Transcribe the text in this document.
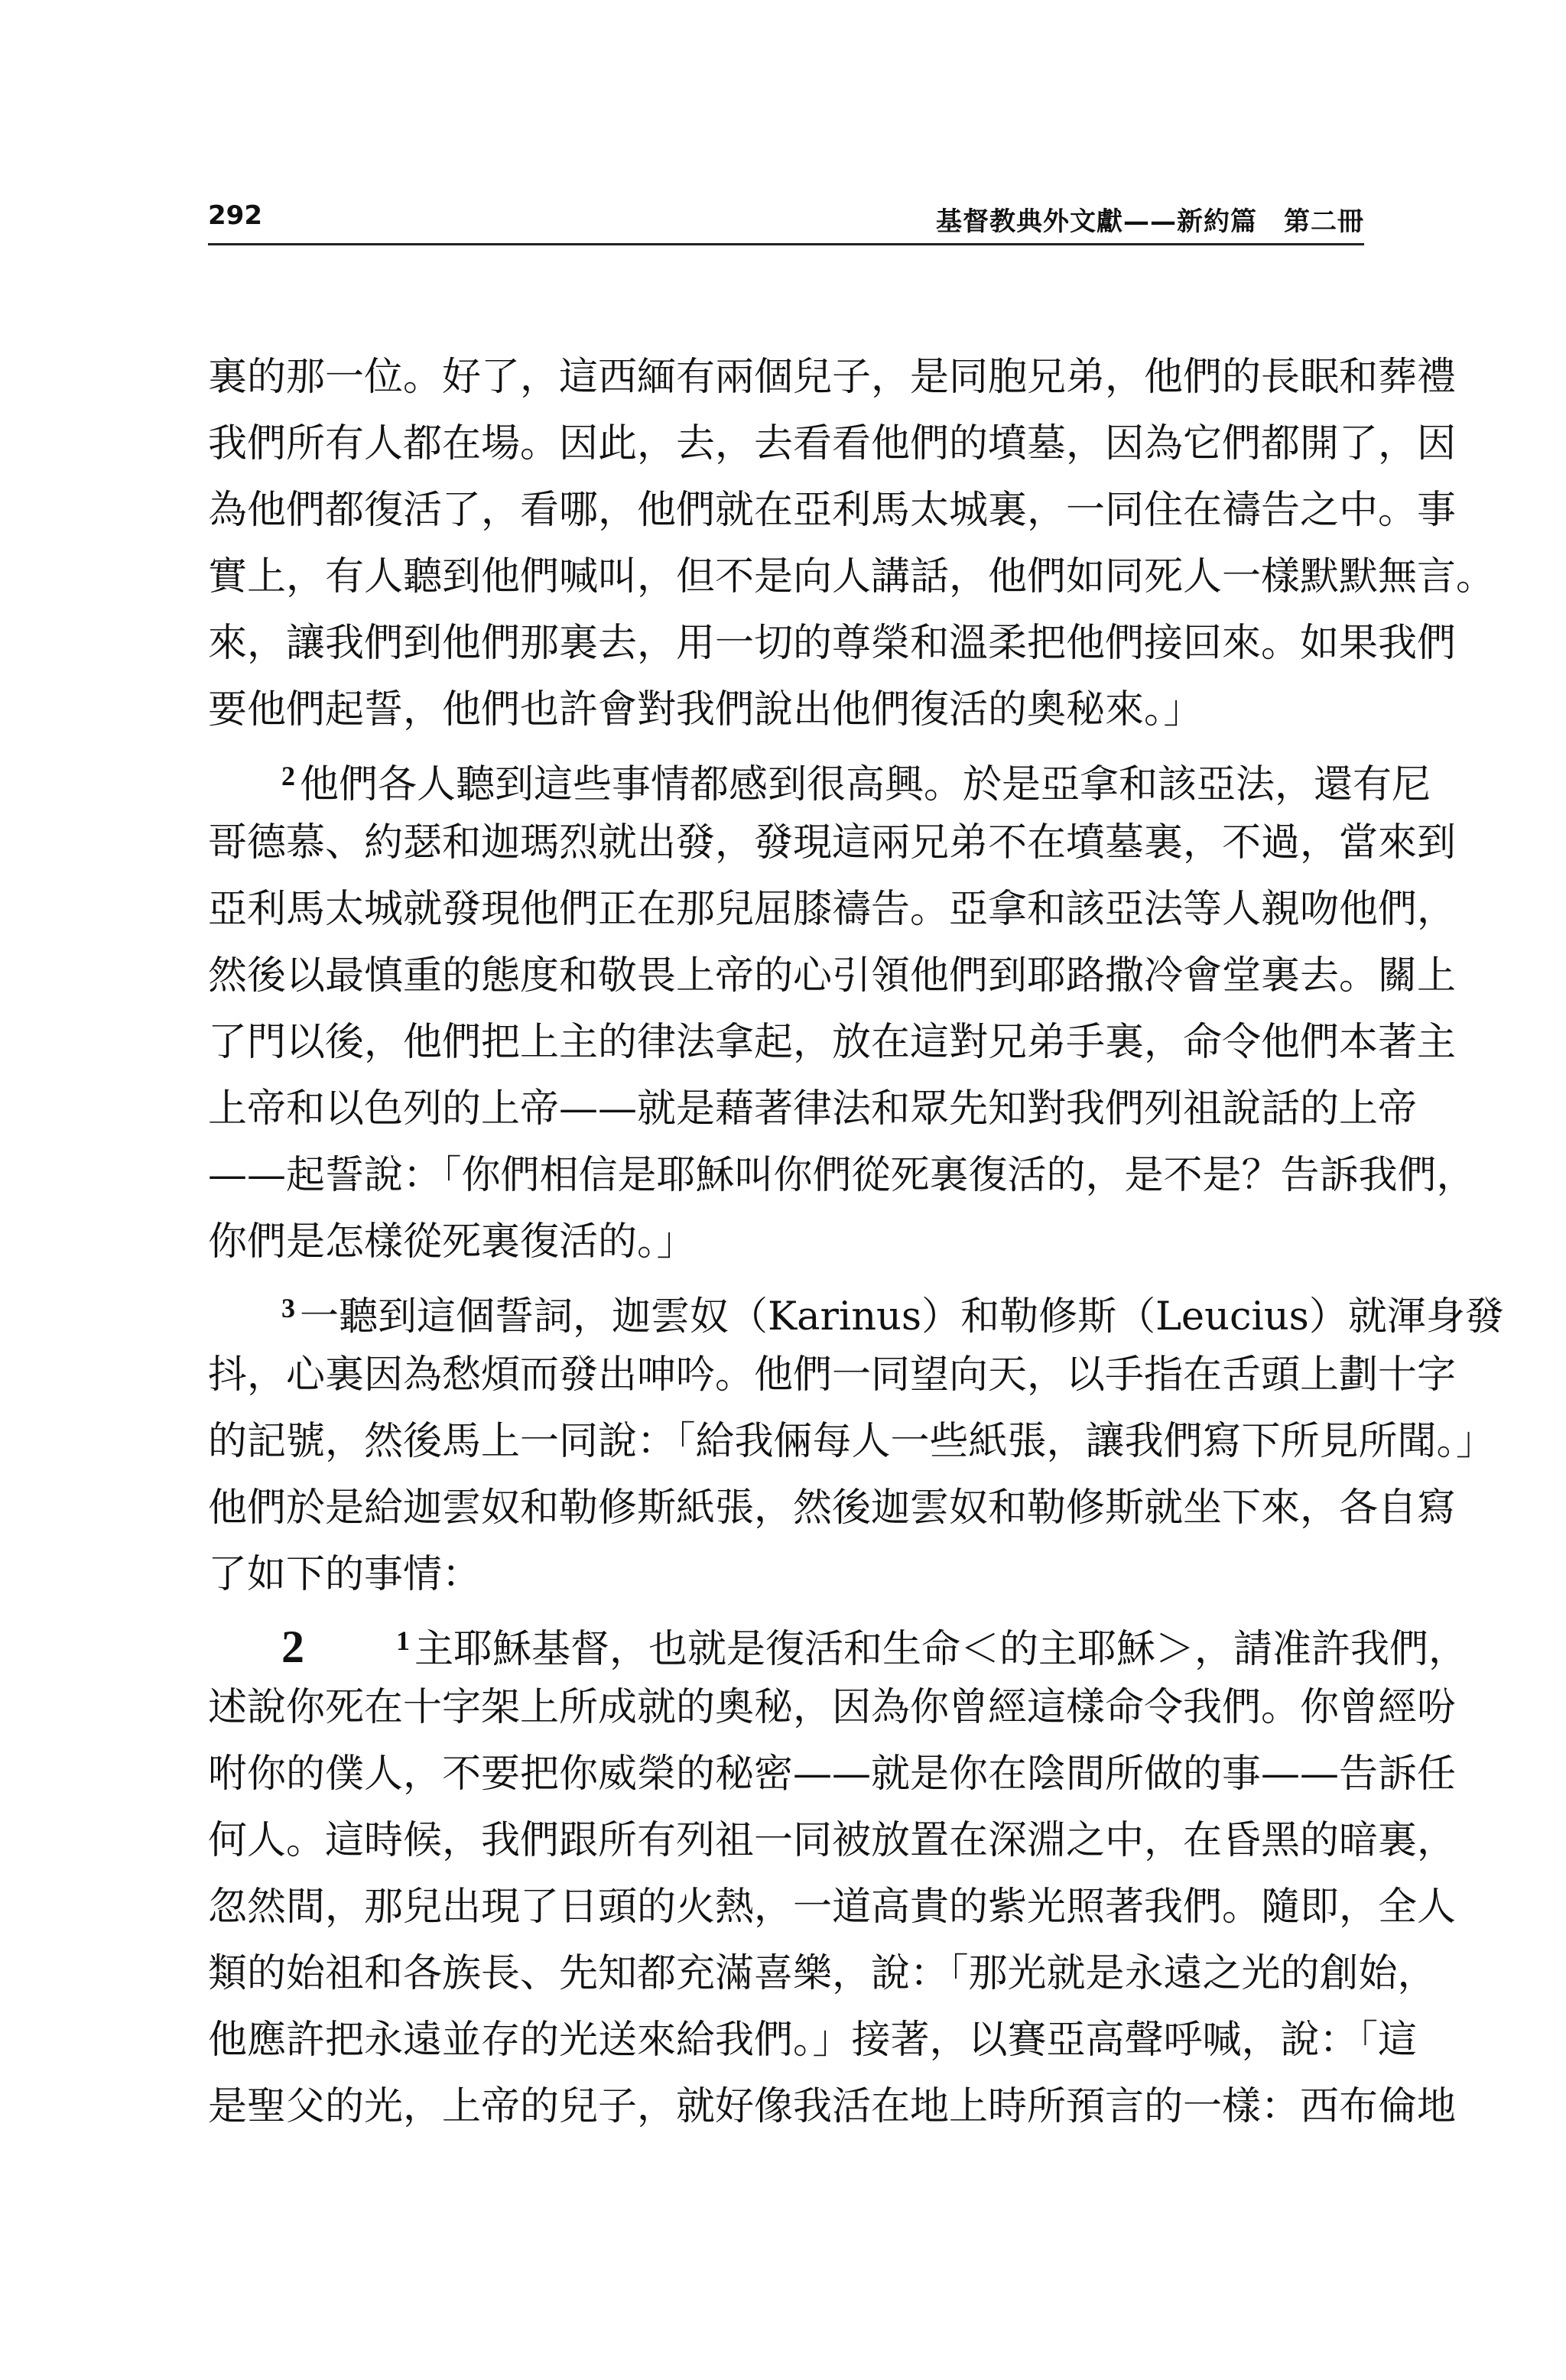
292	基督教典外文獻——新約篇　第二冊
裏的那一位。好了，這西緬有兩個兒子，是同胞兄弟，他們的長眠和葬禮
我們所有人都在場。因此，去，去看看他們的墳墓，因為它們都開了，因
為他們都復活了，看哪，他們就在亞利馬太城裏，一同住在禱告之中。事
實上，有人聽到他們喊叫，但不是向人講話，他們如同死人一樣默默無言。
來，讓我們到他們那裏去，用一切的尊榮和溫柔把他們接回來。如果我們
要他們起誓，他們也許會對我們說出他們復活的奧秘來。」
$^2$ 他們各人聽到這些事情都感到很高興。於是亞拿和該亞法，還有尼
哥德慕、約瑟和迦瑪烈就出發，發現這兩兄弟不在墳墓裏，不過，當來到
亞利馬太城就發現他們正在那兒屈膝禱告。亞拿和該亞法等人親吻他們，
然後以最慎重的態度和敬畏上帝的心引領他們到耶路撒冷會堂裏去。關上
了門以後，他們把上主的律法拿起，放在這對兄弟手裏，命令他們本著主
上帝和以色列的上帝——就是藉著律法和眾先知對我們列祖說話的上帝
——起誓說：「你們相信是耶穌叫你們從死裏復活的，是不是？告訴我們，
你們是怎樣從死裏復活的。」
$^3$ 一聽到這個誓詞，迦雲奴（Karinus）和勒修斯（Leucius）就渾身發
抖，心裏因為愁煩而發出呻吟。他們一同望向天，以手指在舌頭上劃十字
的記號，然後馬上一同說：「給我倆每人一些紙張，讓我們寫下所見所聞。」
他們於是給迦雲奴和勒修斯紙張，然後迦雲奴和勒修斯就坐下來，各自寫
了如下的事情：
2	$^1$ 主耶穌基督，也就是復活和生命＜的主耶穌＞，請准許我們，
述說你死在十字架上所成就的奧秘，因為你曾經這樣命令我們。你曾經吩
咐你的僕人，不要把你威榮的秘密——就是你在陰間所做的事——告訴任
何人。這時候，我們跟所有列祖一同被放置在深淵之中，在昏黑的暗裏，
忽然間，那兒出現了日頭的火熱，一道高貴的紫光照著我們。隨即，全人
類的始祖和各族長、先知都充滿喜樂，說：「那光就是永遠之光的創始，
他應許把永遠並存的光送來給我們。」接著，以賽亞高聲呼喊，說：「這
是聖父的光，上帝的兒子，就好像我活在地上時所預言的一樣：西布倫地
